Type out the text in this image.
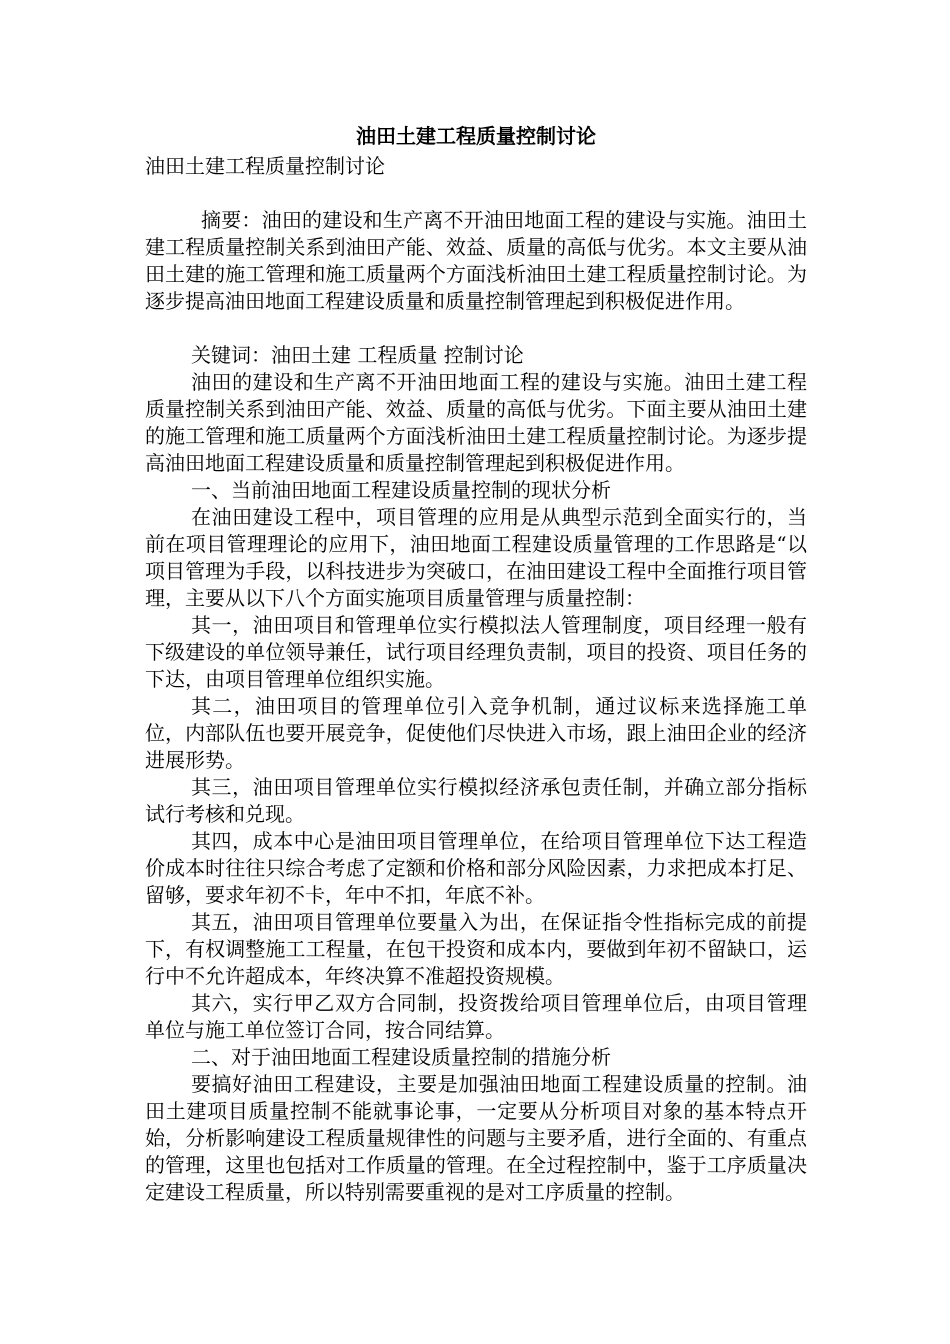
油田土建工程质量控制讨论

油田土建工程质量控制讨论

摘要：油田的建设和生产离不开油田地面工程的建设与实施。油田土建工程质量控制关系到油田产能、效益、质量的高低与优劣。本文主要从油田土建的施工管理和施工质量两个方面浅析油田土建工程质量控制讨论。为逐步提高油田地面工程建设质量和质量控制管理起到积极促进作用。

关键词：油田土建 工程质量 控制讨论

油田的建设和生产离不开油田地面工程的建设与实施。油田土建工程质量控制关系到油田产能、效益、质量的高低与优劣。下面主要从油田土建的施工管理和施工质量两个方面浅析油田土建工程质量控制讨论。为逐步提高油田地面工程建设质量和质量控制管理起到积极促进作用。

一、当前油田地面工程建设质量控制的现状分析

在油田建设工程中，项目管理的应用是从典型示范到全面实行的，当前在项目管理理论的应用下，油田地面工程建设质量管理的工作思路是“以项目管理为手段，以科技进步为突破口，在油田建设工程中全面推行项目管理，主要从以下八个方面实施项目质量管理与质量控制：

其一，油田项目和管理单位实行模拟法人管理制度，项目经理一般有下级建设的单位领导兼任，试行项目经理负责制，项目的投资、项目任务的下达，由项目管理单位组织实施。

其二，油田项目的管理单位引入竞争机制，通过议标来选择施工单位，内部队伍也要开展竞争，促使他们尽快进入市场，跟上油田企业的经济进展形势。

其三，油田项目管理单位实行模拟经济承包责任制，并确立部分指标试行考核和兑现。

其四，成本中心是油田项目管理单位，在给项目管理单位下达工程造价成本时往往只综合考虑了定额和价格和部分风险因素，力求把成本打足、留够，要求年初不卡，年中不扣，年底不补。

其五，油田项目管理单位要量入为出，在保证指令性指标完成的前提下，有权调整施工工程量，在包干投资和成本内，要做到年初不留缺口，运行中不允许超成本，年终决算不准超投资规模。

其六，实行甲乙双方合同制，投资拨给项目管理单位后，由项目管理单位与施工单位签订合同，按合同结算。

二、对于油田地面工程建设质量控制的措施分析

要搞好油田工程建设，主要是加强油田地面工程建设质量的控制。油田土建项目质量控制不能就事论事，一定要从分析项目对象的基本特点开始，分析影响建设工程质量规律性的问题与主要矛盾，进行全面的、有重点的管理，这里也包括对工作质量的管理。在全过程控制中，鉴于工序质量决定建设工程质量，所以特别需要重视的是对工序质量的控制。
